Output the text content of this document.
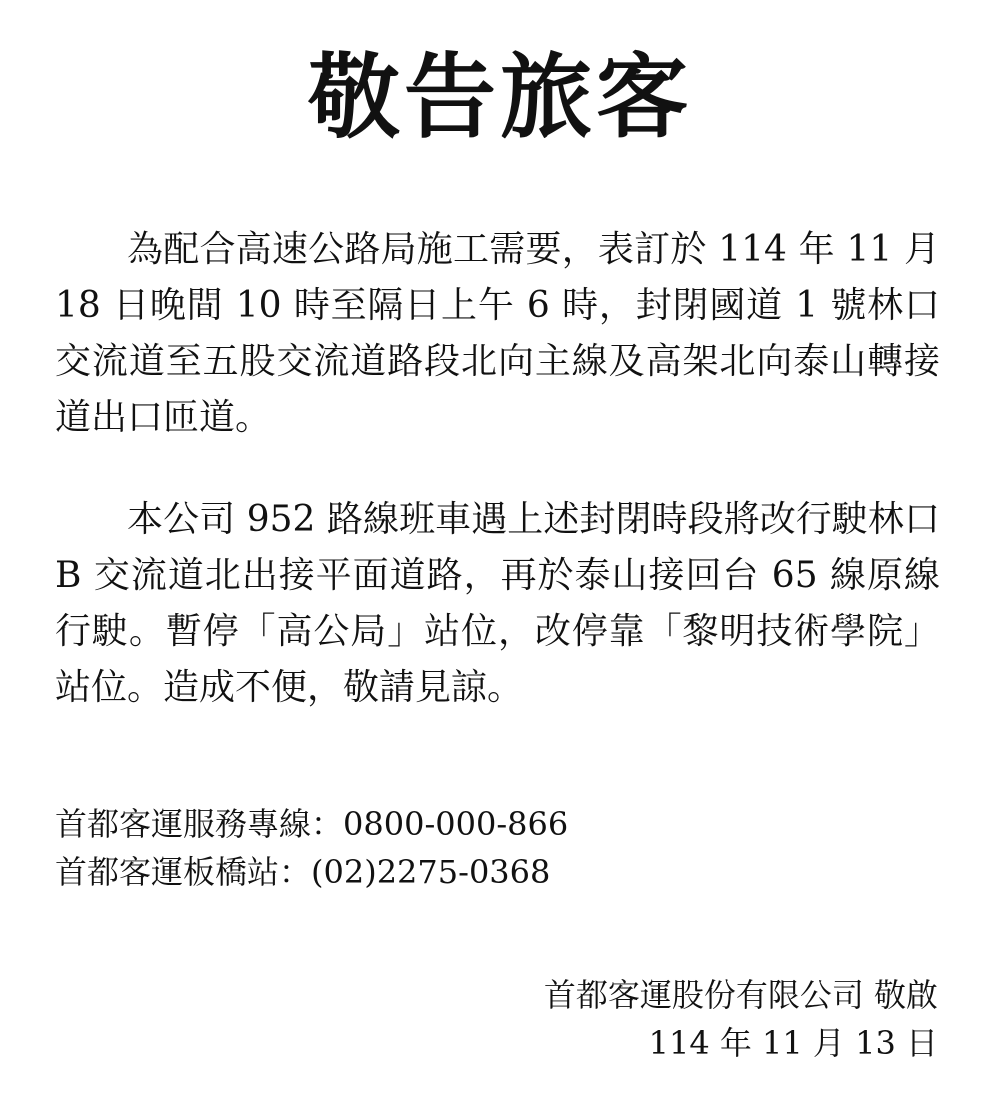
敬告旅客

為配合高速公路局施工需要，表訂於 114 年 11 月 18 日晚間 10 時至隔日上午 6 時，封閉國道 1 號林口交流道至五股交流道路段北向主線及高架北向泰山轉接道出口匝道。

本公司 952 路線班車遇上述封閉時段將改行駛林口 B 交流道北出接平面道路，再於泰山接回台 65 線原線行駛。暫停「高公局」站位，改停靠「黎明技術學院」站位。造成不便，敬請見諒。

首都客運服務專線：0800-000-866

首都客運板橋站：(02)2275-0368

首都客運股份有限公司 敬啟

114 年 11 月 13 日
